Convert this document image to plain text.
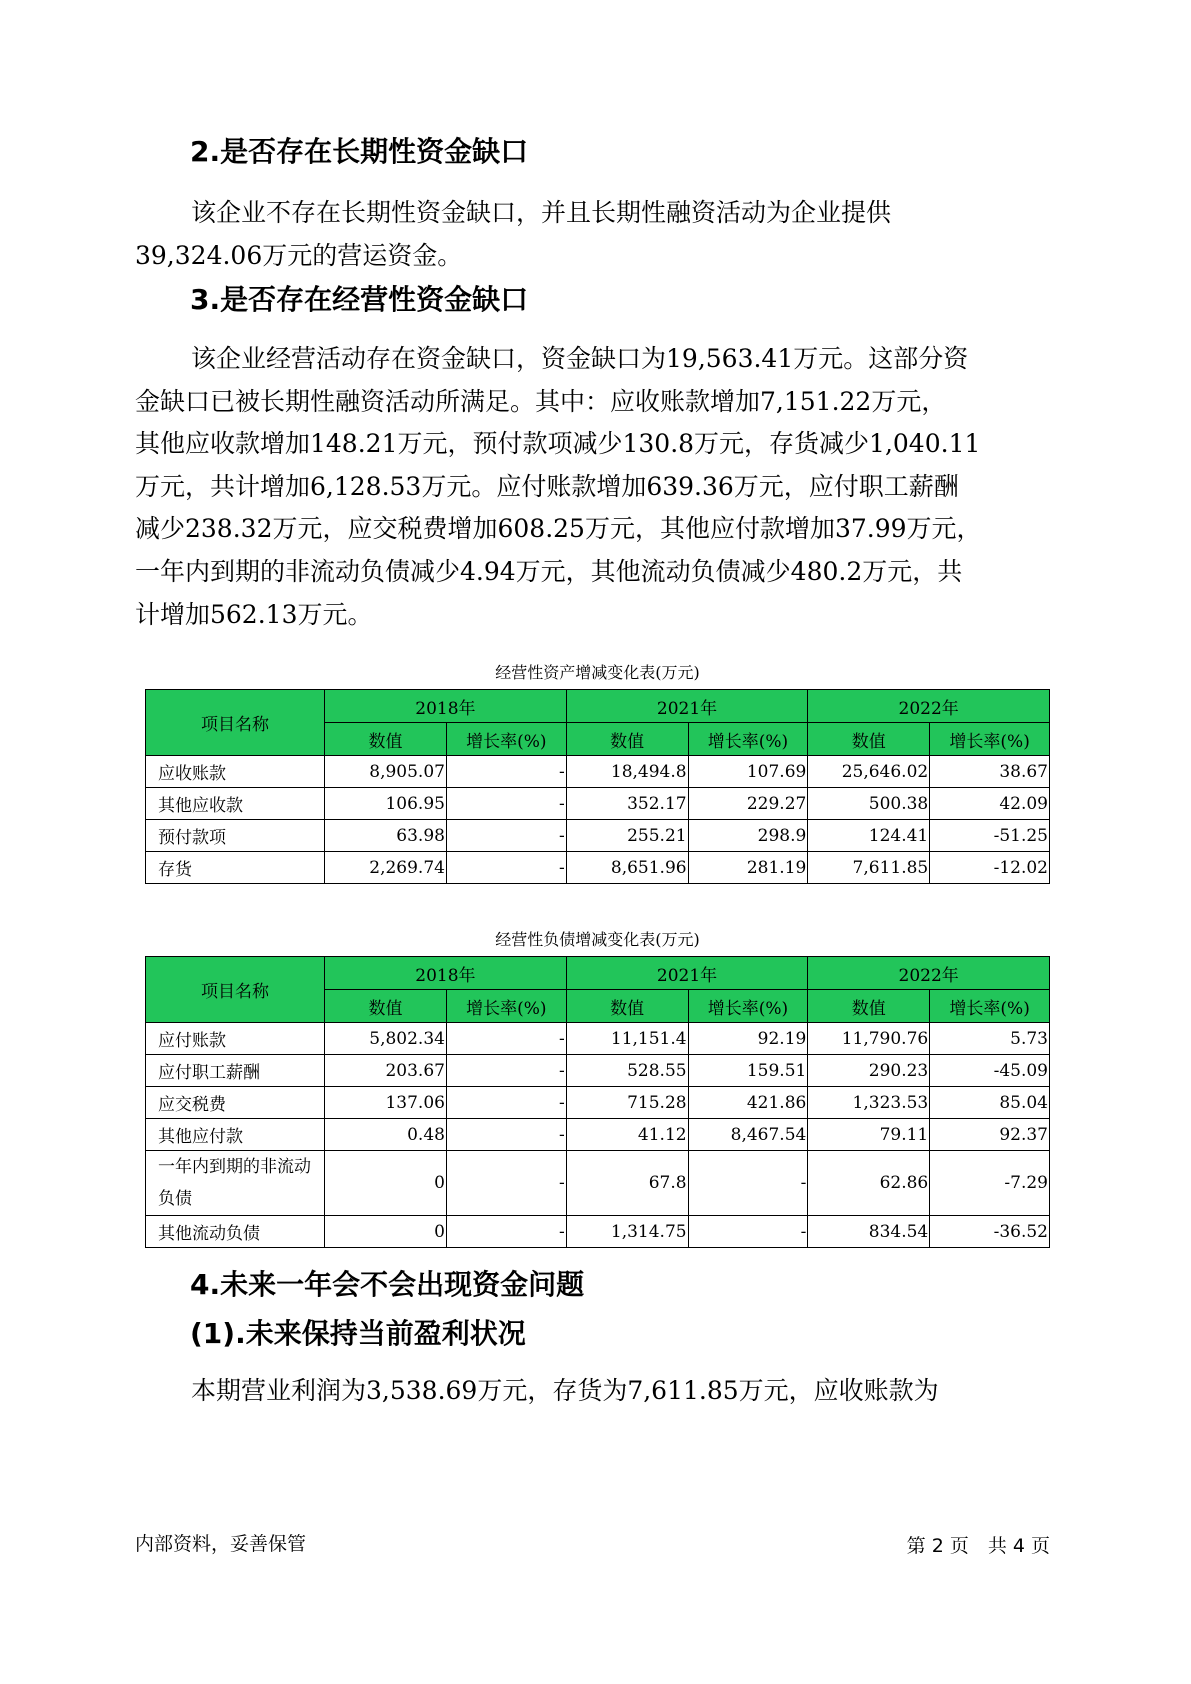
2.是否存在长期性资金缺口
该企业不存在长期性资金缺口，并且长期性融资活动为企业提供
39,324.06万元的营运资金。
3.是否存在经营性资金缺口
该企业经营活动存在资金缺口，资金缺口为19,563.41万元。这部分资
金缺口已被长期性融资活动所满足。其中：应收账款增加7,151.22万元，
其他应收款增加148.21万元，预付款项减少130.8万元，存货减少1,040.11
万元，共计增加6,128.53万元。应付账款增加639.36万元，应付职工薪酬
减少238.32万元，应交税费增加608.25万元，其他应付款增加37.99万元，
一年内到期的非流动负债减少4.94万元，其他流动负债减少480.2万元，共
计增加562.13万元。
经营性资产增减变化表(万元)
项目名称	2018年		2021年		2022年	
	数值	增长率(%)	数值	增长率(%)	数值	增长率(%)
应收账款	8,905.07	-	18,494.8	107.69	25,646.02	38.67
其他应收款	106.95	-	352.17	229.27	500.38	42.09
预付款项	63.98	-	255.21	298.9	124.41	-51.25
存货	2,269.74	-	8,651.96	281.19	7,611.85	-12.02
经营性负债增减变化表(万元)
项目名称	2018年		2021年		2022年	
	数值	增长率(%)	数值	增长率(%)	数值	增长率(%)
应付账款	5,802.34	-	11,151.4	92.19	11,790.76	5.73
应付职工薪酬	203.67	-	528.55	159.51	290.23	-45.09
应交税费	137.06	-	715.28	421.86	1,323.53	85.04
其他应付款	0.48	-	41.12	8,467.54	79.11	92.37
一年内到期的非流动负债	0	-	67.8	-	62.86	-7.29
其他流动负债	0	-	1,314.75	-	834.54	-36.52
4.未来一年会不会出现资金问题
(1).未来保持当前盈利状况
本期营业利润为3,538.69万元，存货为7,611.85万元，应收账款为
内部资料，妥善保管	第 2 页　共 4 页
